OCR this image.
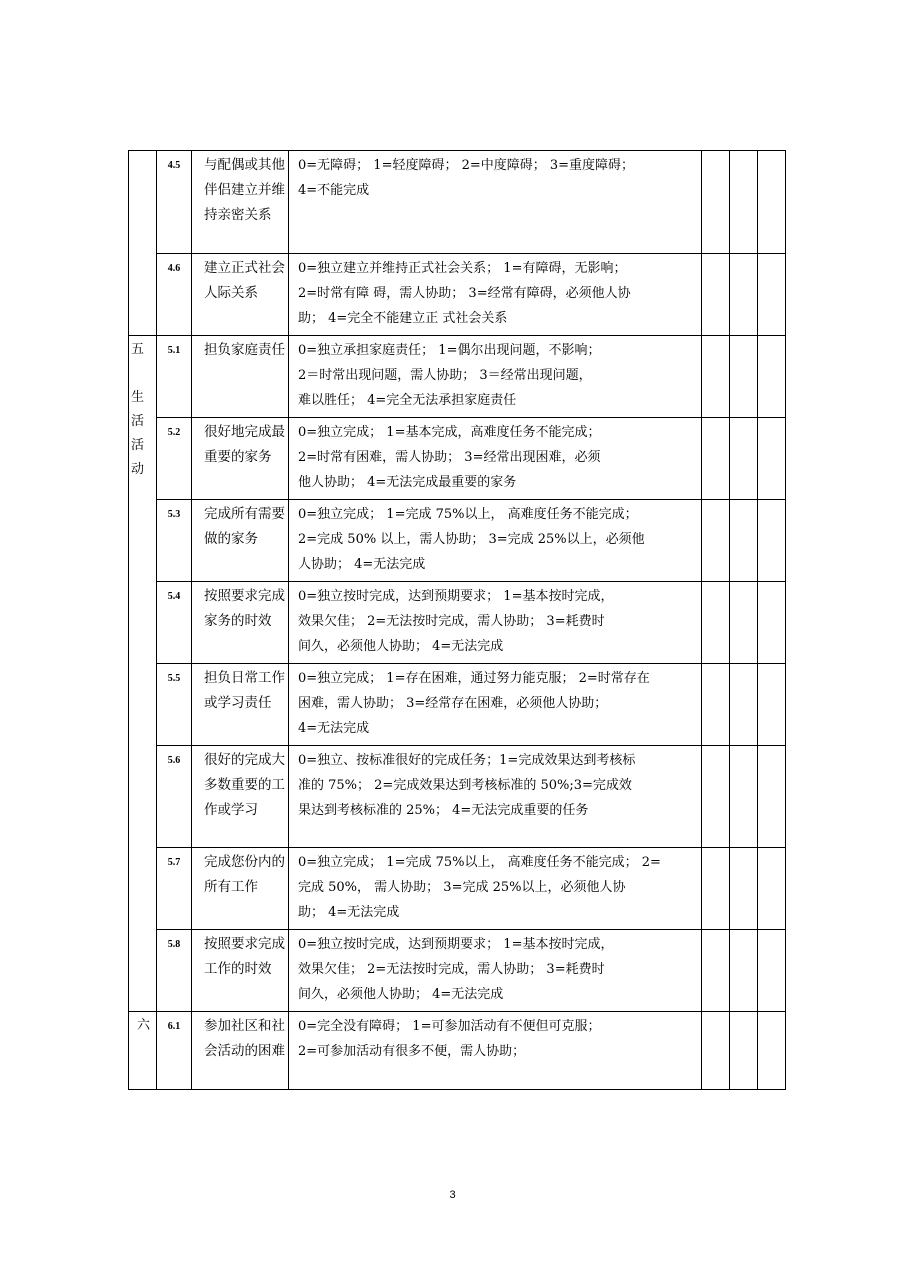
	4.5	与配偶或其他伴侣建立并维持亲密关系	0=无障碍； 1=轻度障碍； 2=中度障碍； 3=重度障碍；
4=不能完成			
	4.6	建立正式社会人际关系	0=独立建立并维持正式社会关系； 1=有障碍，无影响；
2=时常有障 碍，需人协助； 3=经常有障碍，必须他人协
助； 4=完全不能建立正 式社会关系			

五

生
活
活
动	5.1	担负家庭责任	0=独立承担家庭责任； 1=偶尔出现问题，不影响；
2＝时常出现问题，需人协助； 3＝经常出现问题，
难以胜任； 4=完全无法承担家庭责任			
	5.2	很好地完成最重要的家务	0=独立完成； 1=基本完成，高难度任务不能完成；
2=时常有困难，需人协助； 3=经常出现困难，必须
他人协助； 4=无法完成最重要的家务			
	5.3	完成所有需要做的家务	0=独立完成； 1=完成 75%以上， 高难度任务不能完成；
2=完成 50% 以上，需人协助； 3=完成 25%以上，必须他
人协助； 4=无法完成			
	5.4	按照要求完成家务的时效	0=独立按时完成，达到预期要求； 1=基本按时完成，
效果欠佳； 2=无法按时完成，需人协助； 3=耗费时
间久，必须他人协助； 4=无法完成			
	5.5	担负日常工作或学习责任	0=独立完成； 1=存在困难，通过努力能克服； 2=时常存在
困难，需人协助； 3=经常存在困难，必须他人协助；
4=无法完成			
	5.6	很好的完成大多数重要的工 作或学习	0=独立、按标准很好的完成任务；1=完成效果达到考核标
准的 75%； 2=完成效果达到考核标准的 50%;3=完成效
果达到考核标准的 25%； 4=无法完成重要的任务			
	5.7	完成您份内的所有工作	0=独立完成； 1=完成 75%以上， 高难度任务不能完成； 2=
完成 50%， 需人协助； 3=完成 25%以上，必须他人协
助； 4=无法完成			
	5.8	按照要求完成工作的时效	0=独立按时完成，达到预期要求； 1=基本按时完成，
效果欠佳； 2=无法按时完成，需人协助； 3=耗费时
间久，必须他人协助； 4=无法完成			

六	6.1	参加社区和社会活动的困难	0=完全没有障碍； 1=可参加活动有不便但可克服；
2=可参加活动有很多不便，需人协助；			
3
